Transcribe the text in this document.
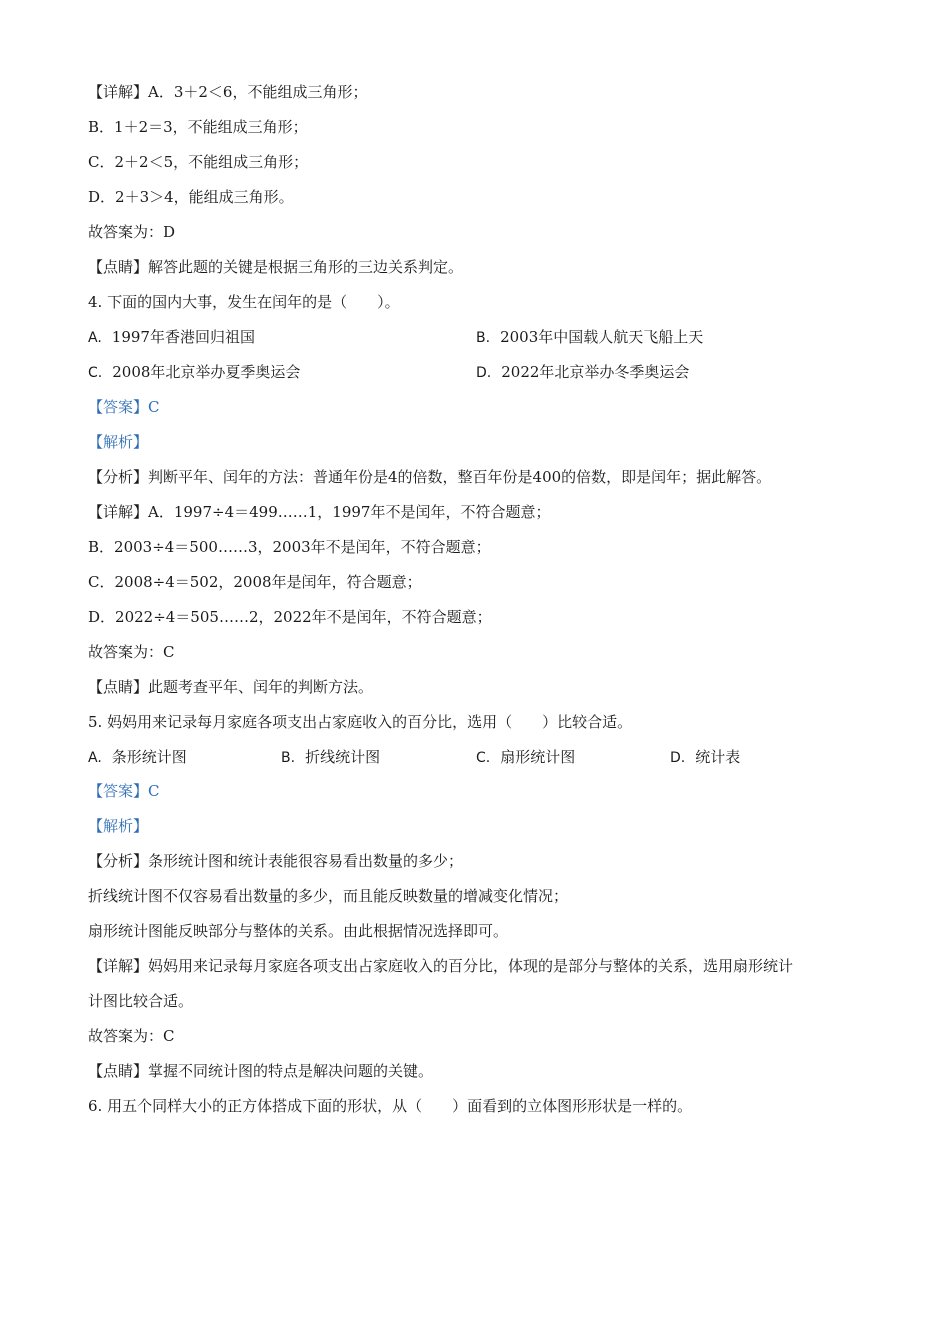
【详解】A．3＋2＜6，不能组成三角形；
B．1＋2＝3，不能组成三角形；
C．2＋2＜5，不能组成三角形；
D．2＋3＞4，能组成三角形。
故答案为：D
【点睛】解答此题的关键是根据三角形的三边关系判定。
4. 下面的国内大事，发生在闰年的是（　　）。
A. 1997年香港回归祖国	B. 2003年中国载人航天飞船上天
C. 2008年北京举办夏季奥运会	D. 2022年北京举办冬季奥运会
【答案】C
【解析】
【分析】判断平年、闰年的方法：普通年份是4的倍数，整百年份是400的倍数，即是闰年；据此解答。
【详解】A．1997÷4＝499……1，1997年不是闰年，不符合题意；
B．2003÷4＝500……3，2003年不是闰年，不符合题意；
C．2008÷4＝502，2008年是闰年，符合题意；
D．2022÷4＝505……2，2022年不是闰年，不符合题意；
故答案为：C
【点睛】此题考查平年、闰年的判断方法。
5. 妈妈用来记录每月家庭各项支出占家庭收入的百分比，选用（　　）比较合适。
A. 条形统计图	B. 折线统计图	C. 扇形统计图	D. 统计表
【答案】C
【解析】
【分析】条形统计图和统计表能很容易看出数量的多少；
折线统计图不仅容易看出数量的多少，而且能反映数量的增减变化情况；
扇形统计图能反映部分与整体的关系。由此根据情况选择即可。
【详解】妈妈用来记录每月家庭各项支出占家庭收入的百分比，体现的是部分与整体的关系，选用扇形统计
计图比较合适。
故答案为：C
【点睛】掌握不同统计图的特点是解决问题的关键。
6. 用五个同样大小的正方体搭成下面的形状，从（　　）面看到的立体图形形状是一样的。
